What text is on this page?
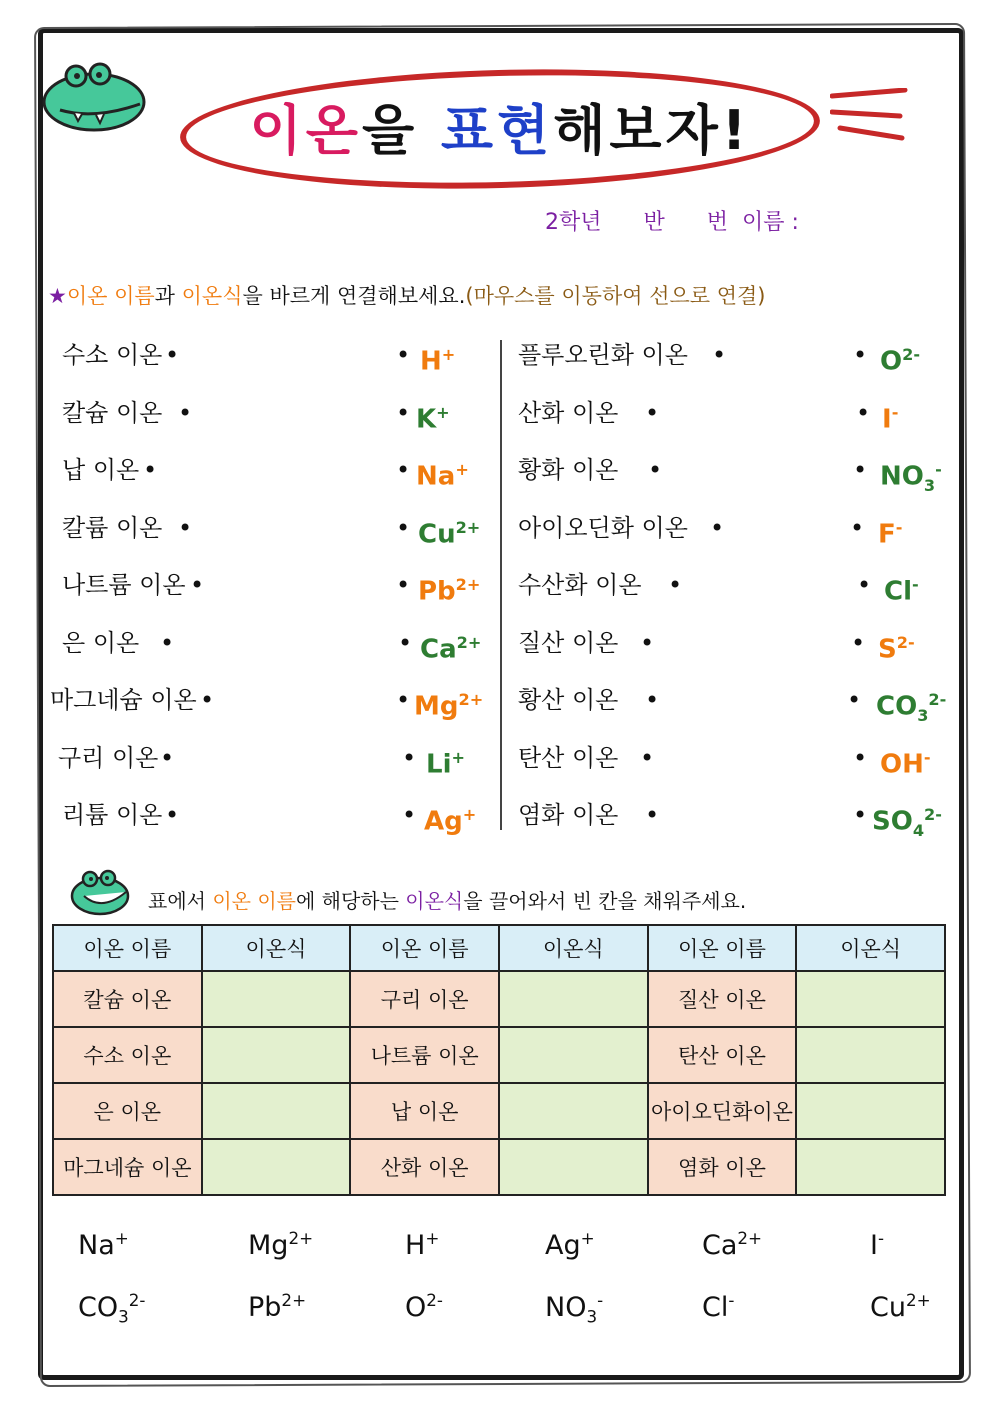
이온을 표현해보자!
2학년 반 번 이름 :
★이온 이름과 이온식을 바르게 연결해보세요.(마우스를 이동하여 선으로 연결)
수소 이온 •	• H+
칼슘 이온 •	• K+
납 이온 •	• Na+
칼륨 이온 •	• $Cu^{2+}$
나트륨 이온 •	• $Pb^{2+}$
은 이온 •	• $Ca^{2+}$
마그네슘 이온 •	• $Mg^{2+}$
구리 이온 •	• Li+
리튬 이온 •	• Ag+
플루오린화 이온 •	• $O^{2-}$
산화 이온 •	• I-
황화 이온 •	• $NO_3^-$
아이오딘화 이온 •	• F-
수산화 이온 •	• Cl-
질산 이온 •	• $S^{2-}$
황산 이온 •	• $CO_3^{2-}$
탄산 이온 •	• OH-
염화 이온 •	• $SO_4^{2-}$
표에서 이온 이름에 해당하는 이온식을 끌어와서 빈 칸을 채워주세요.
이온 이름	이온식	이온 이름	이온식	이온 이름	이온식
칼슘 이온		구리 이온		질산 이온	
수소 이온		나트륨 이온		탄산 이온	
은 이온		납 이온		아이오딘화이온	
마그네슘 이온		산화 이온		염화 이온	
Na+	$Mg^{2+}$	H+	Ag+	$Ca^{2+}$	I-
$CO_3^{2-}$	$Pb^{2+}$	$O^{2-}$	$NO_3^-$	Cl-	$Cu^{2+}$
